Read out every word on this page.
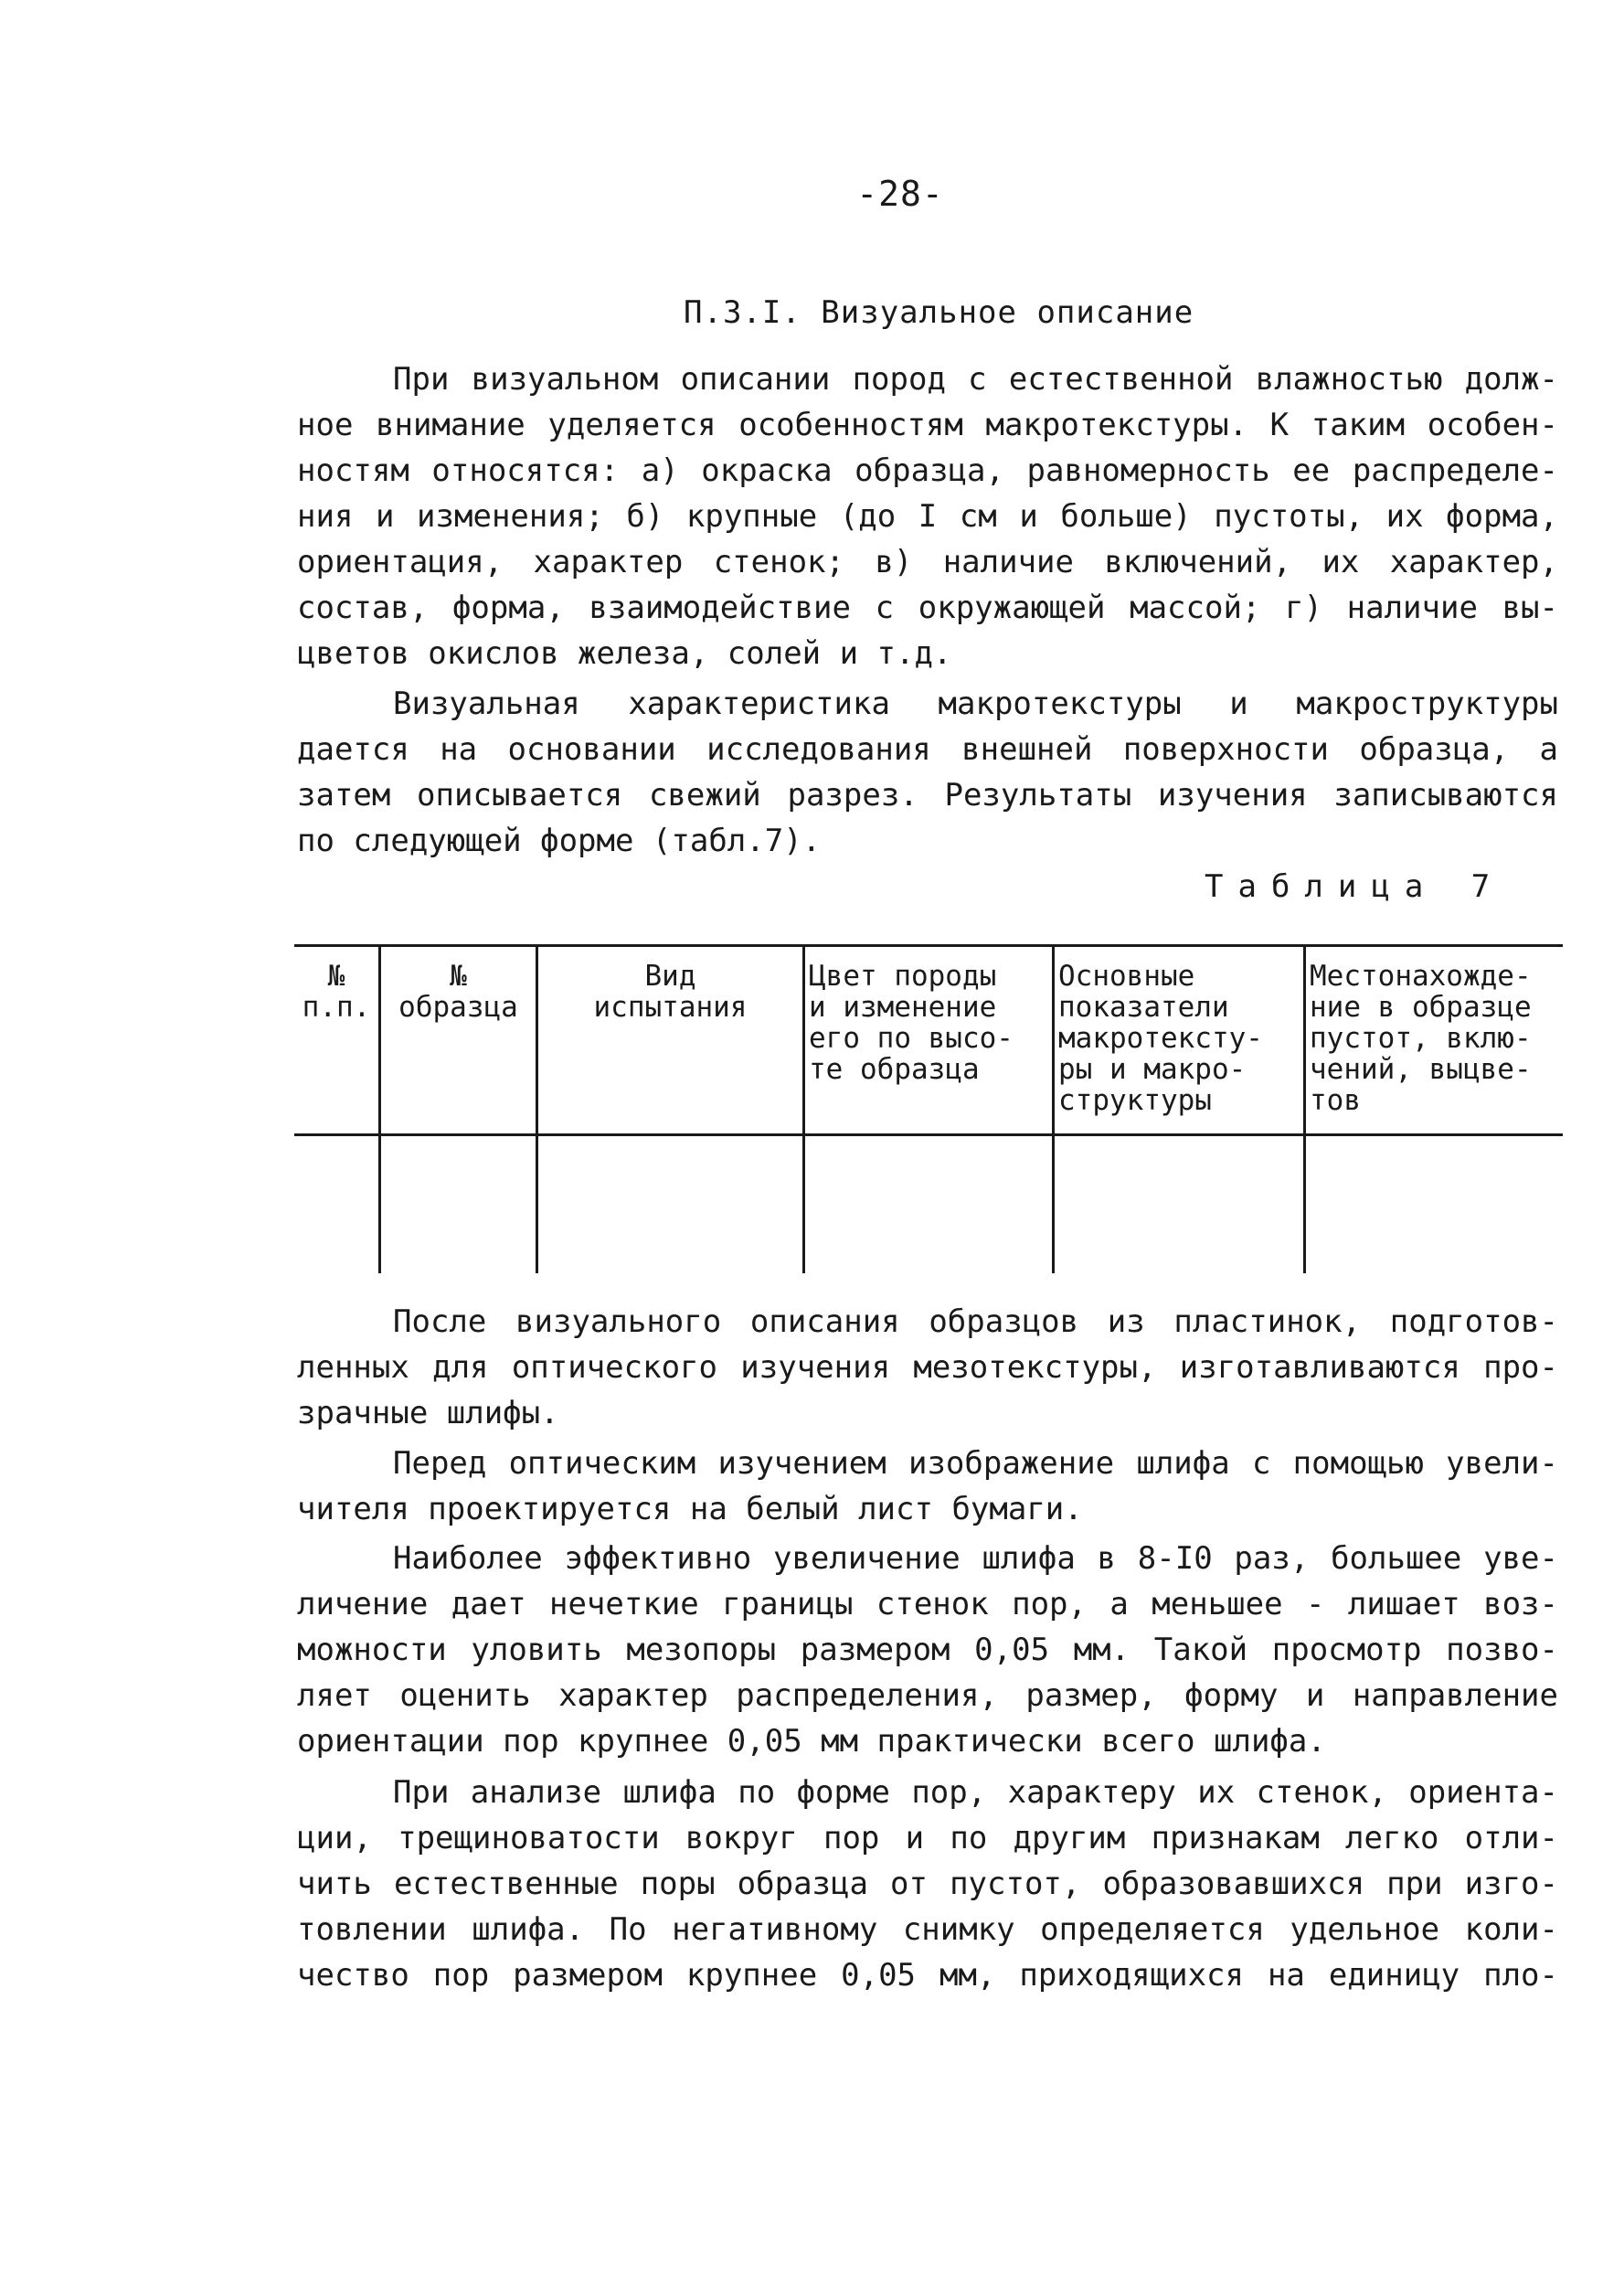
-28-
П.3.I. Визуальное описание
При визуальном описании пород с естественной влажностью долж-
ное внимание уделяется особенностям макротекстуры. К таким особен-
ностям относятся: а) окраска образца, равномерность ее распределе-
ния и изменения; б) крупные (до I см и больше) пустоты, их форма,
ориентация, характер стенок; в) наличие включений, их характер,
состав, форма, взаимодействие с окружающей массой; г) наличие вы-
цветов окислов железа, солей и т.д.
Визуальная характеристика макротекстуры и макроструктуры
дается на основании исследования внешней поверхности образца, а
затем описывается свежий разрез. Результаты изучения записываются
по следующей форме (табл.7).
Таблица 7
№
п.п.
№
образца
Вид
испытания
Цвет породы
и изменение
его по высо-
те образца
Основные
показатели
макротексту-
ры и макро-
структуры
Местонахожде-
ние в образце
пустот, вклю-
чений, выцве-
тов
После визуального описания образцов из пластинок, подготов-
ленных для оптического изучения мезотекстуры, изготавливаются про-
зрачные шлифы.
Перед оптическим изучением изображение шлифа с помощью увели-
чителя проектируется на белый лист бумаги.
Наиболее эффективно увеличение шлифа в 8-I0 раз, большее уве-
личение дает нечеткие границы стенок пор, а меньшее - лишает воз-
можности уловить мезопоры размером 0,05 мм. Такой просмотр позво-
ляет оценить характер распределения, размер, форму и направление
ориентации пор крупнее 0,05 мм практически всего шлифа.
При анализе шлифа по форме пор, характеру их стенок, ориента-
ции, трещиноватости вокруг пор и по другим признакам легко отли-
чить естественные поры образца от пустот, образовавшихся при изго-
товлении шлифа. По негативному снимку определяется удельное коли-
чество пор размером крупнее 0,05 мм, приходящихся на единицу пло-
